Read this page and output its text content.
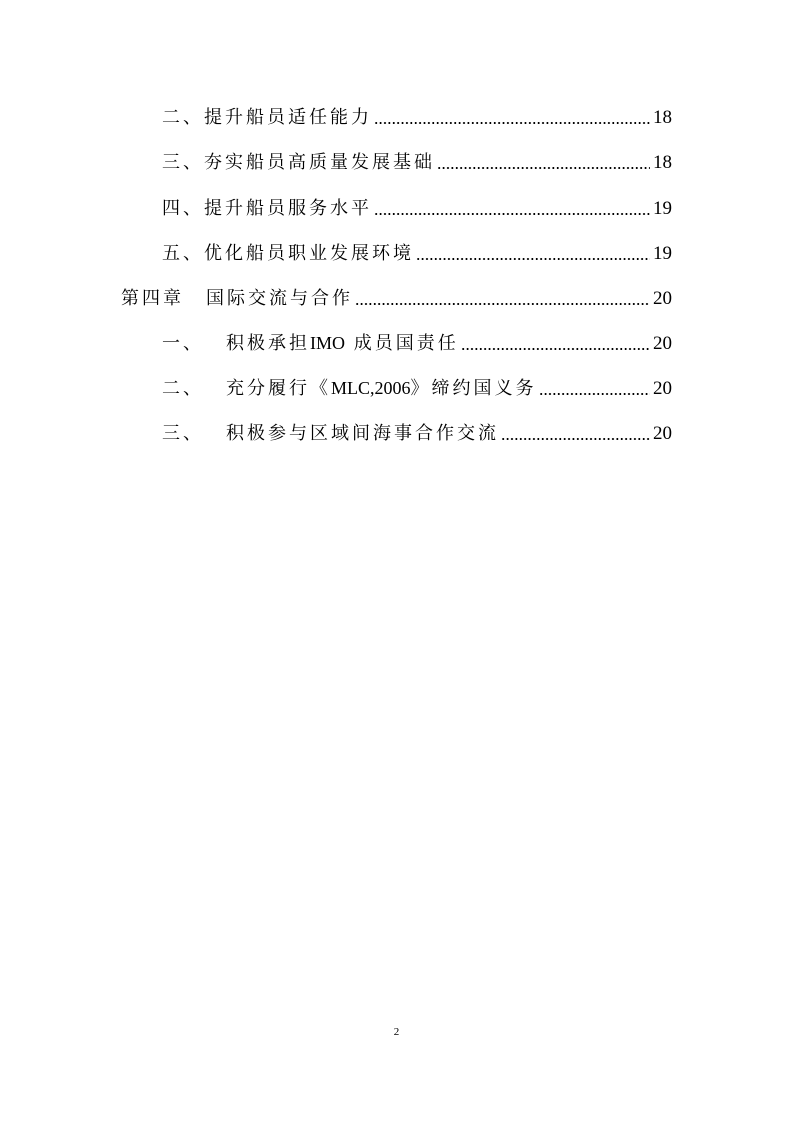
二、 提升船员适任能力	18
三、 夯实船员高质量发展基础	18
四、 提升船员服务水平	19
五、 优化船员职业发展环境	19
第四章 国际交流与合作	20
一、 积极承担IMO 成员国责任	20
二、 充分履行《MLC,2006》缔约国义务	20
三、 积极参与区域间海事合作交流	20
2
